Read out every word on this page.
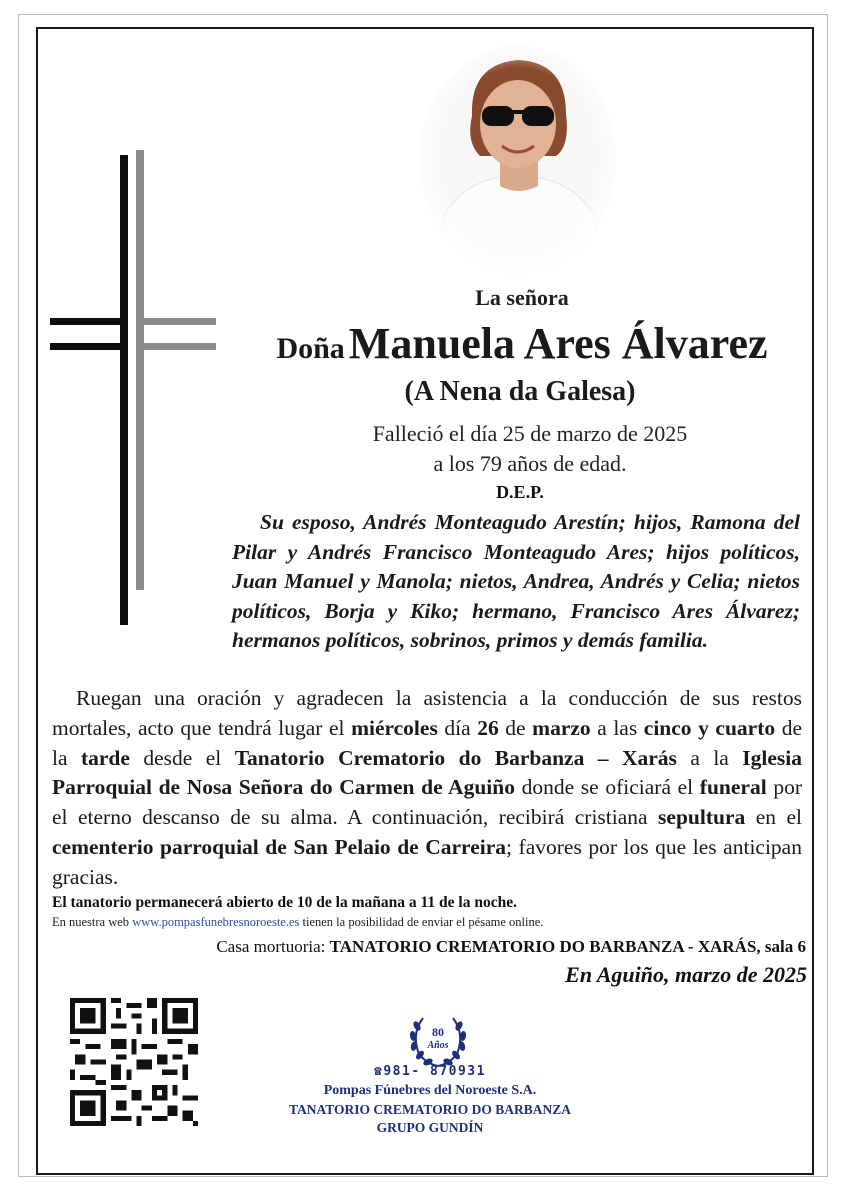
La señora

Doña Manuela Ares Álvarez

(A Nena da Galesa)

Falleció el día 25 de marzo de 2025

a los 79 años de edad.

D.E.P.

Su esposo, Andrés Monteagudo Arestín; hijos, Ramona del Pilar y Andrés Francisco Monteagudo Ares; hijos políticos, Juan Manuel y Manola; nietos, Andrea, Andrés y Celia; nietos políticos, Borja y Kiko; hermano, Francisco Ares Álvarez; hermanos políticos, sobrinos, primos y demás familia.

Ruegan una oración y agradecen la asistencia a la conducción de sus restos mortales, acto que tendrá lugar el miércoles día 26 de marzo a las cinco y cuarto de la tarde desde el Tanatorio Crematorio do Barbanza – Xarás a la Iglesia Parroquial de Nosa Señora do Carmen de Aguiño donde se oficiará el funeral por el eterno descanso de su alma. A continuación, recibirá cristiana sepultura en el cementerio parroquial de San Pelaio de Carreira; favores por los que les anticipan gracias.

El tanatorio permanecerá abierto de 10 de la mañana a 11 de la noche.

En nuestra web www.pompasfunebresnoroeste.es tienen la posibilidad de enviar el pésame online.

Casa mortuoria: TANATORIO CREMATORIO DO BARBANZA - XARÁS, sala 6

En Aguiño, marzo de 2025

80
Años

☎981- 870931

Pompas Fúnebres del Noroeste S.A.

TANATORIO CREMATORIO DO BARBANZA

GRUPO GUNDÍN
